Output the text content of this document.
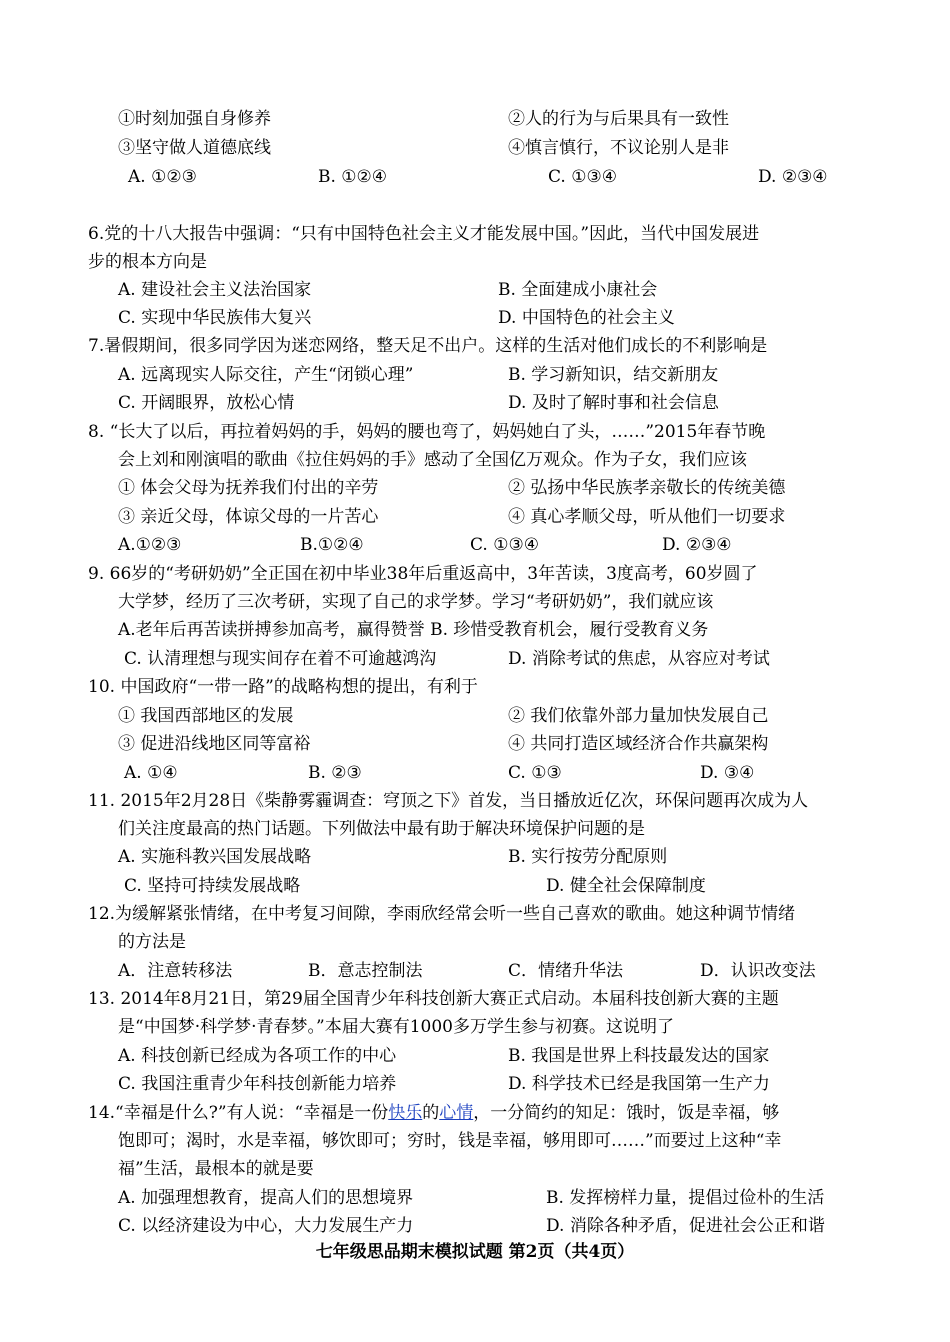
①时刻加强自身修养	②人的行为与后果具有一致性
③坚守做人道德底线	④慎言慎行，不议论别人是非
A. ①②③	B. ①②④	C. ①③④	D. ②③④
6.党的十八大报告中强调：“只有中国特色社会主义才能发展中国。”因此，当代中国发展进
步的根本方向是
A. 建设社会主义法治国家	B. 全面建成小康社会
C. 实现中华民族伟大复兴	D. 中国特色的社会主义
7.暑假期间，很多同学因为迷恋网络，整天足不出户。这样的生活对他们成长的不利影响是
A. 远离现实人际交往，产生“闭锁心理”	B. 学习新知识，结交新朋友
C. 开阔眼界，放松心情	D. 及时了解时事和社会信息
8. “长大了以后，再拉着妈妈的手，妈妈的腰也弯了，妈妈她白了头，……”2015年春节晚
会上刘和刚演唱的歌曲《拉住妈妈的手》感动了全国亿万观众。作为子女，我们应该
① 体会父母为抚养我们付出的辛劳	② 弘扬中华民族孝亲敬长的传统美德
③ 亲近父母，体谅父母的一片苦心	④ 真心孝顺父母，听从他们一切要求
A.①②③	B.①②④	C. ①③④	D. ②③④
9. 66岁的“考研奶奶”全正国在初中毕业38年后重返高中，3年苦读，3度高考，60岁圆了
大学梦，经历了三次考研，实现了自己的求学梦。学习“考研奶奶”，我们就应该
A.老年后再苦读拼搏参加高考，赢得赞誉 B. 珍惜受教育机会，履行受教育义务
C. 认清理想与现实间存在着不可逾越鸿沟	D. 消除考试的焦虑，从容应对考试
10. 中国政府“一带一路”的战略构想的提出，有利于
① 我国西部地区的发展	② 我们依靠外部力量加快发展自己
③ 促进沿线地区同等富裕	④ 共同打造区域经济合作共赢架构
A. ①④	B. ②③	C. ①③	D. ③④
11. 2015年2月28日《柴静雾霾调查：穹顶之下》首发，当日播放近亿次，环保问题再次成为人
们关注度最高的热门话题。下列做法中最有助于解决环境保护问题的是
A. 实施科教兴国发展战略	B. 实行按劳分配原则
C. 坚持可持续发展战略	D. 健全社会保障制度
12.为缓解紧张情绪，在中考复习间隙，李雨欣经常会听一些自己喜欢的歌曲。她这种调节情绪
的方法是
A．注意转移法	B．意志控制法	C．情绪升华法	D．认识改变法
13. 2014年8月21日，第29届全国青少年科技创新大赛正式启动。本届科技创新大赛的主题
是“中国梦·科学梦·青春梦。”本届大赛有1000多万学生参与初赛。这说明了
A. 科技创新已经成为各项工作的中心	B. 我国是世界上科技最发达的国家
C. 我国注重青少年科技创新能力培养	D. 科学技术已经是我国第一生产力
14.“幸福是什么?”有人说：“幸福是一份快乐的心情，一分简约的知足：饿时，饭是幸福，够
饱即可；渴时，水是幸福，够饮即可；穷时，钱是幸福，够用即可……”而要过上这种“幸
福”生活，最根本的就是要
A. 加强理想教育，提高人们的思想境界	B. 发挥榜样力量，提倡过俭朴的生活
C. 以经济建设为中心，大力发展生产力	D. 消除各种矛盾，促进社会公正和谐
七年级思品期末模拟试题 第2页（共4页）
